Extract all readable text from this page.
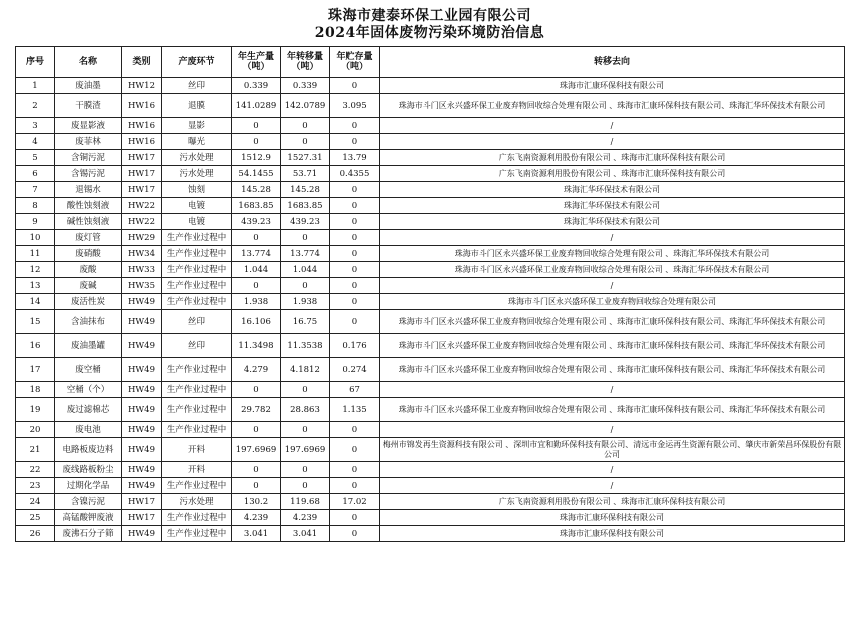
珠海市建泰环保工业园有限公司
2024年固体废物污染环境防治信息
序号	名称	类别	产废环节	年生产量（吨）	年转移量（吨）	年贮存量（吨）	转移去向
1	废油墨	HW12	丝印	0.339	0.339	0	珠海市汇康环保科技有限公司
2	干膜渣	HW16	退膜	141.0289	142.0789	3.095	珠海市斗门区永兴盛环保工业废弃物回收综合处理有限公司 、珠海市汇康环保科技有限公司、珠海汇华环保技术有限公司
3	废显影液	HW16	显影	0	0	0	/
4	废菲林	HW16	曝光	0	0	0	/
5	含铜污泥	HW17	污水处理	1512.9	1527.31	13.79	广东飞南资源利用股份有限公司 、珠海市汇康环保科技有限公司
6	含锡污泥	HW17	污水处理	54.1455	53.71	0.4355	广东飞南资源利用股份有限公司 、珠海市汇康环保科技有限公司
7	退锡水	HW17	蚀刻	145.28	145.28	0	珠海汇华环保技术有限公司
8	酸性蚀刻液	HW22	电镀	1683.85	1683.85	0	珠海汇华环保技术有限公司
9	碱性蚀刻液	HW22	电镀	439.23	439.23	0	珠海汇华环保技术有限公司
10	废灯管	HW29	生产作业过程中	0	0	0	/
11	废硝酸	HW34	生产作业过程中	13.774	13.774	0	珠海市斗门区永兴盛环保工业废弃物回收综合处理有限公司 、珠海汇华环保技术有限公司
12	废酸	HW33	生产作业过程中	1.044	1.044	0	珠海市斗门区永兴盛环保工业废弃物回收综合处理有限公司 、珠海汇华环保技术有限公司
13	废碱	HW35	生产作业过程中	0	0	0	/
14	废活性炭	HW49	生产作业过程中	1.938	1.938	0	珠海市斗门区永兴盛环保工业废弃物回收综合处理有限公司
15	含油抹布	HW49	丝印	16.106	16.75	0	珠海市斗门区永兴盛环保工业废弃物回收综合处理有限公司 、珠海市汇康环保科技有限公司、珠海汇华环保技术有限公司
16	废油墨罐	HW49	丝印	11.3498	11.3538	0.176	珠海市斗门区永兴盛环保工业废弃物回收综合处理有限公司 、珠海市汇康环保科技有限公司、珠海汇华环保技术有限公司
17	废空桶	HW49	生产作业过程中	4.279	4.1812	0.274	珠海市斗门区永兴盛环保工业废弃物回收综合处理有限公司 、珠海市汇康环保科技有限公司、珠海汇华环保技术有限公司
18	空桶（个）	HW49	生产作业过程中	0	0	67	/
19	废过滤棉芯	HW49	生产作业过程中	29.782	28.863	1.135	珠海市斗门区永兴盛环保工业废弃物回收综合处理有限公司 、珠海市汇康环保科技有限公司、珠海汇华环保技术有限公司
20	废电池	HW49	生产作业过程中	0	0	0	/
21	电路板废边料	HW49	开料	197.6969	197.6969	0	梅州市锦发再生资源科技有限公司 、深圳市宜和勤环保科技有限公司、清远市金运再生资源有限公司、肇庆市新荣昌环保股份有限公司
22	废线路板粉尘	HW49	开料	0	0	0	/
23	过期化学品	HW49	生产作业过程中	0	0	0	/
24	含镍污泥	HW17	污水处理	130.2	119.68	17.02	广东飞南资源利用股份有限公司 、珠海市汇康环保科技有限公司
25	高锰酸钾废液	HW17	生产作业过程中	4.239	4.239	0	珠海市汇康环保科技有限公司
26	废沸石分子筛	HW49	生产作业过程中	3.041	3.041	0	珠海市汇康环保科技有限公司
